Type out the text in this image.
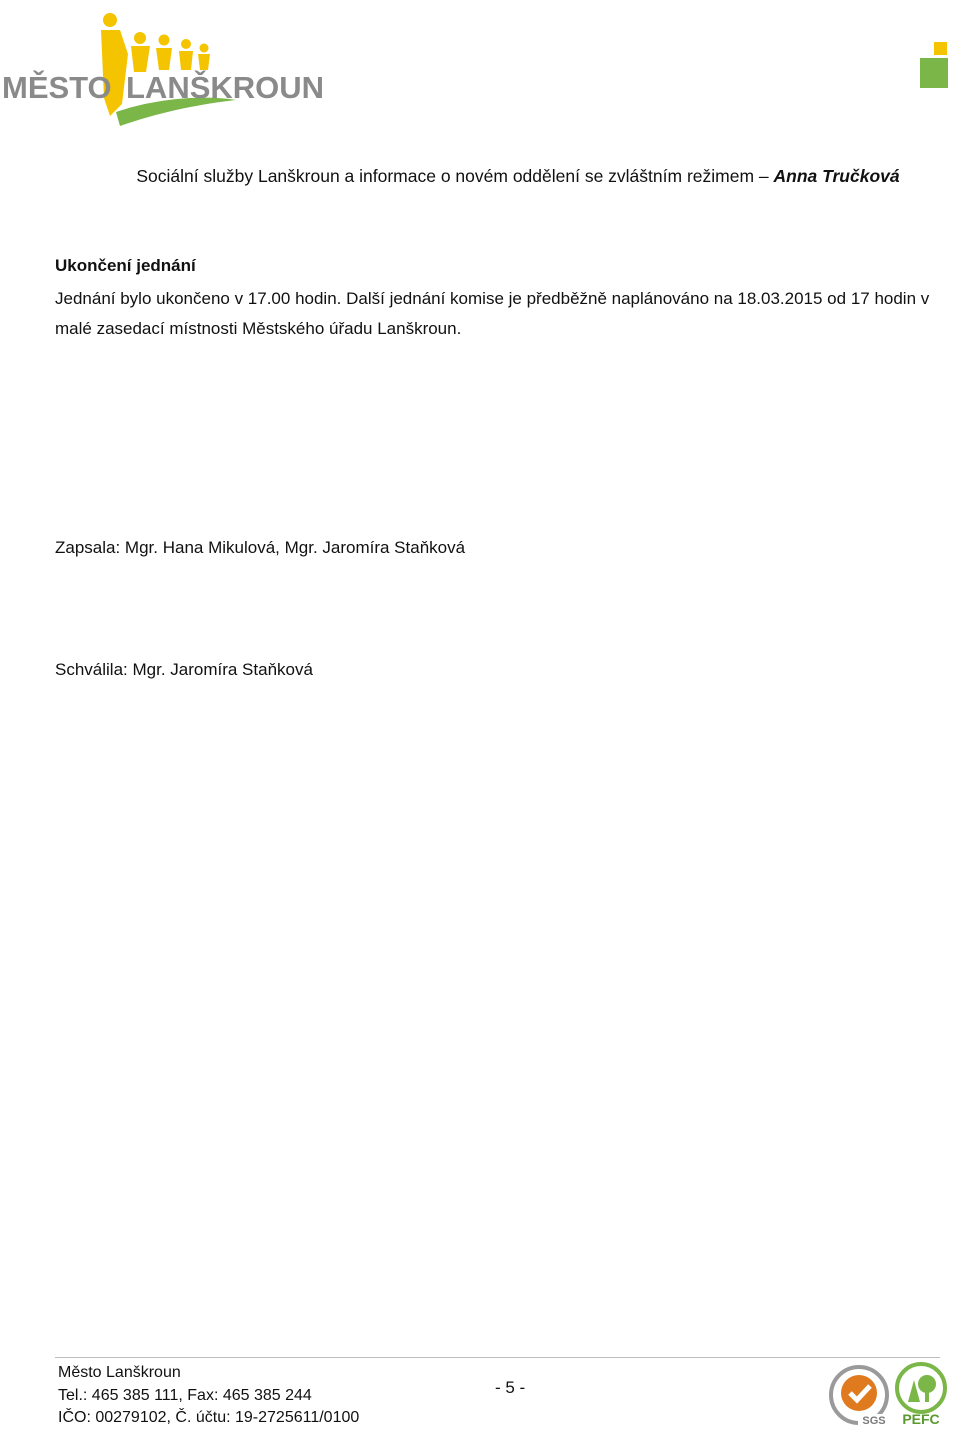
MĚSTO LANŠKROUN
Sociální služby Lanškroun a informace o novém oddělení se zvláštním režimem – Anna Tručková
Ukončení jednání
Jednání bylo ukončeno v 17.00 hodin. Další jednání komise je předběžně naplánováno na 18.03.2015 od 17 hodin v malé zasedací místnosti Městského úřadu Lanškroun.
Zapsala: Mgr. Hana Mikulová, Mgr. Jaromíra Staňková
Schválila: Mgr. Jaromíra Staňková
Město Lanškroun
Tel.: 465 385 111, Fax: 465 385 244
IČO: 00279102, Č. účtu: 19-2725611/0100
- 5 -
SGS PEFC
